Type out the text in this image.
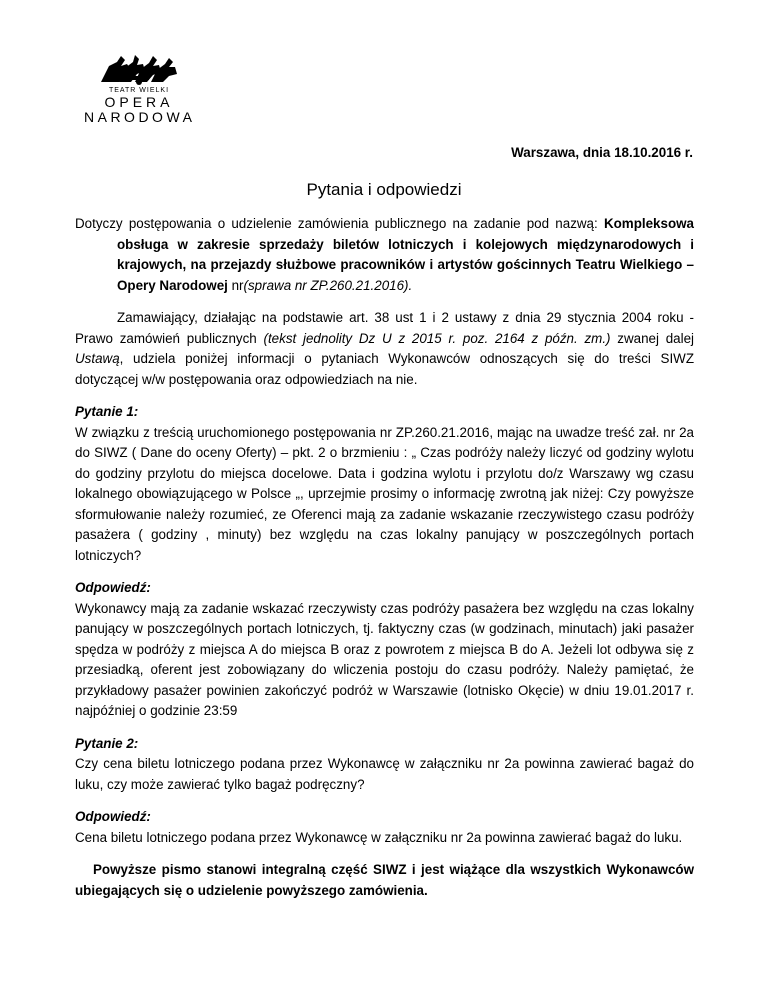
TEATR WIELKI
OPERA
NARODOWA
Warszawa, dnia 18.10.2016 r.
Pytania i odpowiedzi

Dotyczy postępowania o udzielenie zamówienia publicznego na zadanie pod nazwą: Kompleksowa obsługa w zakresie sprzedaży biletów lotniczych i kolejowych międzynarodowych i krajowych, na przejazdy służbowe pracowników i artystów gościnnych Teatru Wielkiego – Opery Narodowej nr(sprawa nr ZP.260.21.2016).

Zamawiający, działając na podstawie art. 38 ust 1 i 2 ustawy z dnia 29 stycznia 2004 roku - Prawo zamówień publicznych (tekst jednolity Dz U z 2015 r. poz. 2164 z późn. zm.) zwanej dalej Ustawą, udziela poniżej informacji o pytaniach Wykonawców odnoszących się do treści SIWZ dotyczącej w/w postępowania oraz odpowiedziach na nie.

Pytanie 1:

W związku z treścią uruchomionego postępowania nr ZP.260.21.2016, mając na uwadze treść zał. nr 2a do SIWZ ( Dane do oceny Oferty) – pkt. 2 o brzmieniu : „ Czas podróży należy liczyć od godziny wylotu do godziny przylotu do miejsca docelowe. Data i godzina wylotu i przylotu do/z Warszawy wg czasu lokalnego obowiązującego w Polsce „, uprzejmie prosimy o informację zwrotną jak niżej: Czy powyższe sformułowanie należy rozumieć, ze Oferenci mają za zadanie wskazanie rzeczywistego czasu podróży pasażera ( godziny , minuty) bez względu na czas lokalny panujący w poszczególnych portach lotniczych?

Odpowiedź:

Wykonawcy mają za zadanie wskazać rzeczywisty czas podróży pasażera bez względu na czas lokalny panujący w poszczególnych portach lotniczych, tj. faktyczny czas (w godzinach, minutach) jaki pasażer spędza w podróży z miejsca A do miejsca B oraz z powrotem z miejsca B do A. Jeżeli lot odbywa się z przesiadką, oferent jest zobowiązany do wliczenia postoju do czasu podróży. Należy pamiętać, że przykładowy pasażer powinien zakończyć podróż w Warszawie (lotnisko Okęcie) w dniu 19.01.2017 r. najpóźniej o godzinie 23:59

Pytanie 2:

Czy cena biletu lotniczego podana przez Wykonawcę w załączniku nr 2a powinna zawierać bagaż do luku, czy może zawierać tylko bagaż podręczny?

Odpowiedź:

Cena biletu lotniczego podana przez Wykonawcę w załączniku nr 2a powinna zawierać bagaż do luku.

Powyższe pismo stanowi integralną część SIWZ i jest wiążące dla wszystkich Wykonawców ubiegających się o udzielenie powyższego zamówienia.
